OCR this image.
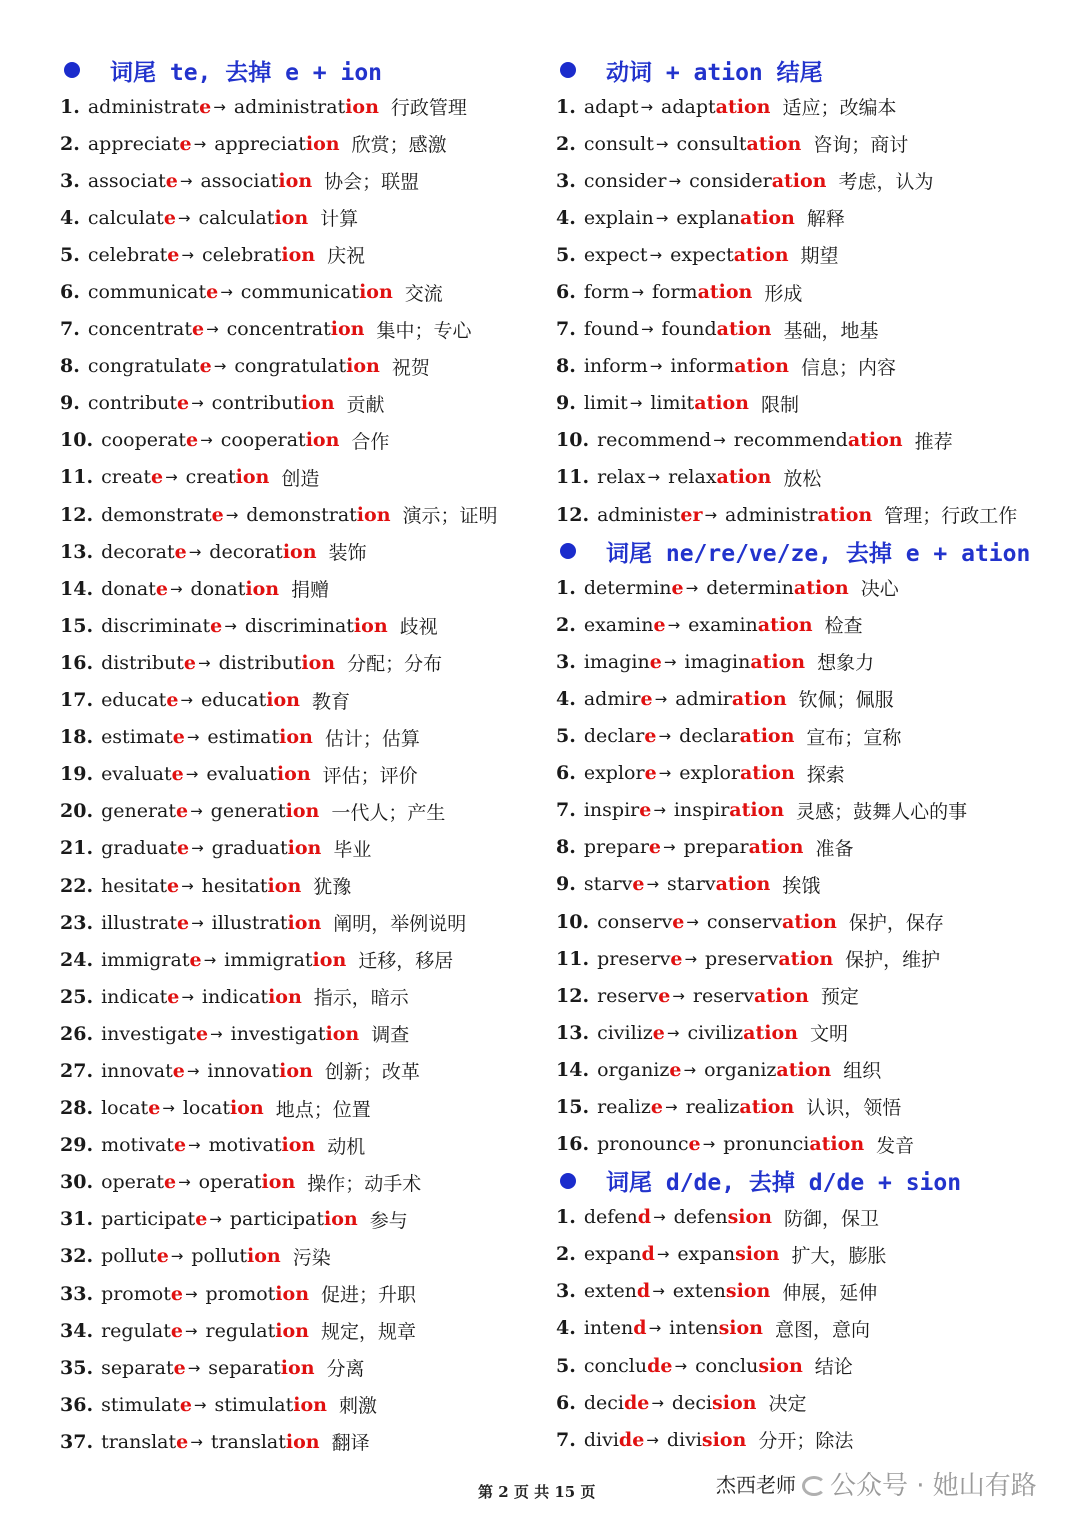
词尾 te, 去掉 e + ion
1. administrat e → administrat ion 行政管理
2. appreciat e → appreciat ion 欣赏；感激
3. associat e → associat ion 协会；联盟
4. calculat e → calculat ion 计算
5. celebrat e → celebrat ion 庆祝
6. communicat e → communicat ion 交流
7. concentrat e → concentrat ion 集中；专心
8. congratulat e → congratulat ion 祝贺
9. contribut e → contribut ion 贡献
10. cooperat e → cooperat ion 合作
11. creat e → creat ion 创造
12. demonstrat e → demonstrat ion 演示；证明
13. decorat e → decorat ion 装饰
14. donat e → donat ion 捐赠
15. discriminat e → discriminat ion 歧视
16. distribut e → distribut ion 分配；分布
17. educat e → educat ion 教育
18. estimat e → estimat ion 估计；估算
19. evaluat e → evaluat ion 评估；评价
20. generat e → generat ion 一代人；产生
21. graduat e → graduat ion 毕业
22. hesitat e → hesitat ion 犹豫
23. illustrat e → illustrat ion 阐明，举例说明
24. immigrat e → immigrat ion 迁移，移居
25. indicat e → indicat ion 指示，暗示
26. investigat e → investigat ion 调查
27. innovat e → innovat ion 创新；改革
28. locat e → locat ion 地点；位置
29. motivat e → motivat ion 动机
30. operat e → operat ion 操作；动手术
31. participat e → participat ion 参与
32. pollut e → pollut ion 污染
33. promot e → promot ion 促进；升职
34. regulat e → regulat ion 规定，规章
35. separat e → separat ion 分离
36. stimulat e → stimulat ion 刺激
37. translat e → translat ion 翻译
动词 + ation 结尾
1. adapt → adapt ation 适应；改编本
2. consult → consult ation 咨询；商讨
3. consider → consider ation 考虑，认为
4. explain → explan ation 解释
5. expect → expect ation 期望
6. form → form ation 形成
7. found → found ation 基础，地基
8. inform → inform ation 信息；内容
9. limit → limit ation 限制
10. recommend → recommend ation 推荐
11. relax → relax ation 放松
12. administ er → administr ation 管理；行政工作
词尾 ne/re/ve/ze, 去掉 e + ation
1. determin e → determin ation 决心
2. examin e → examin ation 检查
3. imagin e → imagin ation 想象力
4. admir e → admir ation 钦佩；佩服
5. declar e → declar ation 宣布；宣称
6. explor e → explor ation 探索
7. inspir e → inspir ation 灵感；鼓舞人心的事
8. prepar e → prepar ation 准备
9. starv e → starv ation 挨饿
10. conserv e → conserv ation 保护，保存
11. preserv e → preserv ation 保护，维护
12. reserv e → reserv ation 预定
13. civiliz e → civiliz ation 文明
14. organiz e → organiz ation 组织
15. realiz e → realiz ation 认识，领悟
16. pronounc e → pronunci ation 发音
词尾 d/de, 去掉 d/de + sion
1. defen d → defen sion 防御，保卫
2. expan d → expan sion 扩大，膨胀
3. exten d → exten sion 伸展，延伸
4. inten d → inten sion 意图，意向
5. conclu de → conclu sion 结论
6. deci de → deci sion 决定
7. divi de → divi sion 分开；除法
第 2 页 共 15 页	杰西老师 公众号 · 她山有路
